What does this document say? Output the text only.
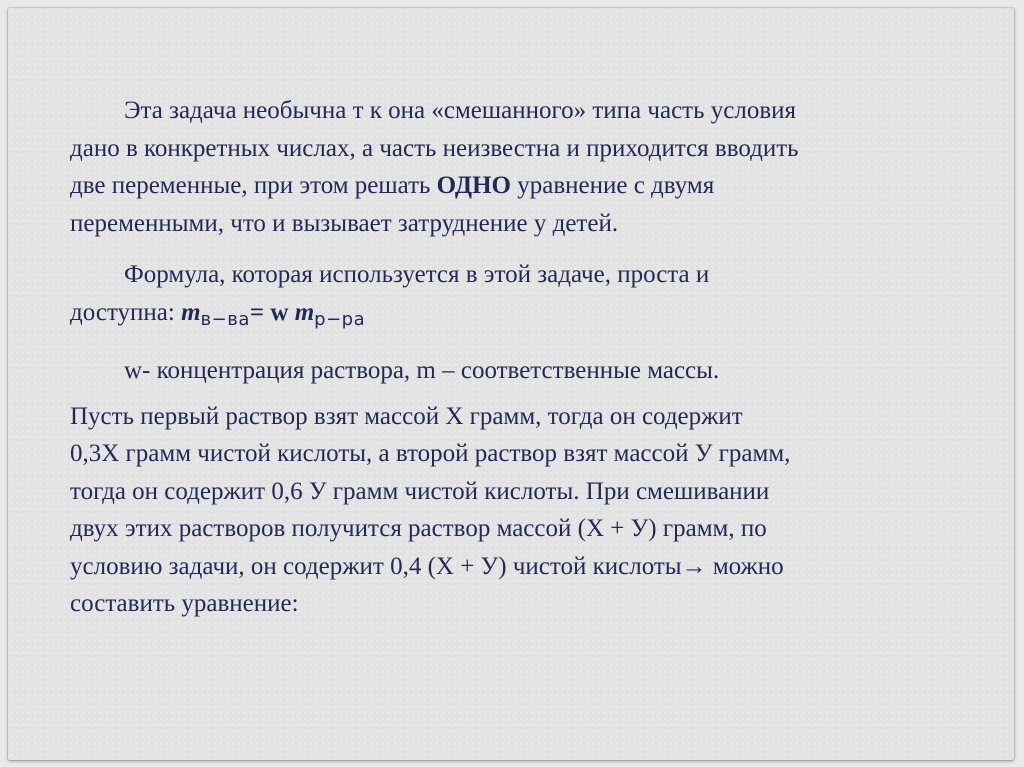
Эта задача необычна т к она «смешанного» типа часть условия
дано в конкретных числах, а часть неизвестна и приходится вводить
две переменные, при этом решать ОДНО уравнение с двумя
переменными, что и вызывает затруднение у детей.

Формула, которая используется в этой задаче, проста и
доступна: $m_{в-ва}= w$ $m_{р-ра}$

w- концентрация раствора, m – соответственные массы.

Пусть первый раствор взят массой Х грамм, тогда он содержит
0,3Х грамм чистой кислоты, а второй раствор взят массой У грамм,
тогда он содержит 0,6 У грамм чистой кислоты. При смешивании
двух этих растворов получится раствор массой (Х + У) грамм, по
условию задачи, он содержит 0,4 (Х + У) чистой кислоты→ можно
составить уравнение:
